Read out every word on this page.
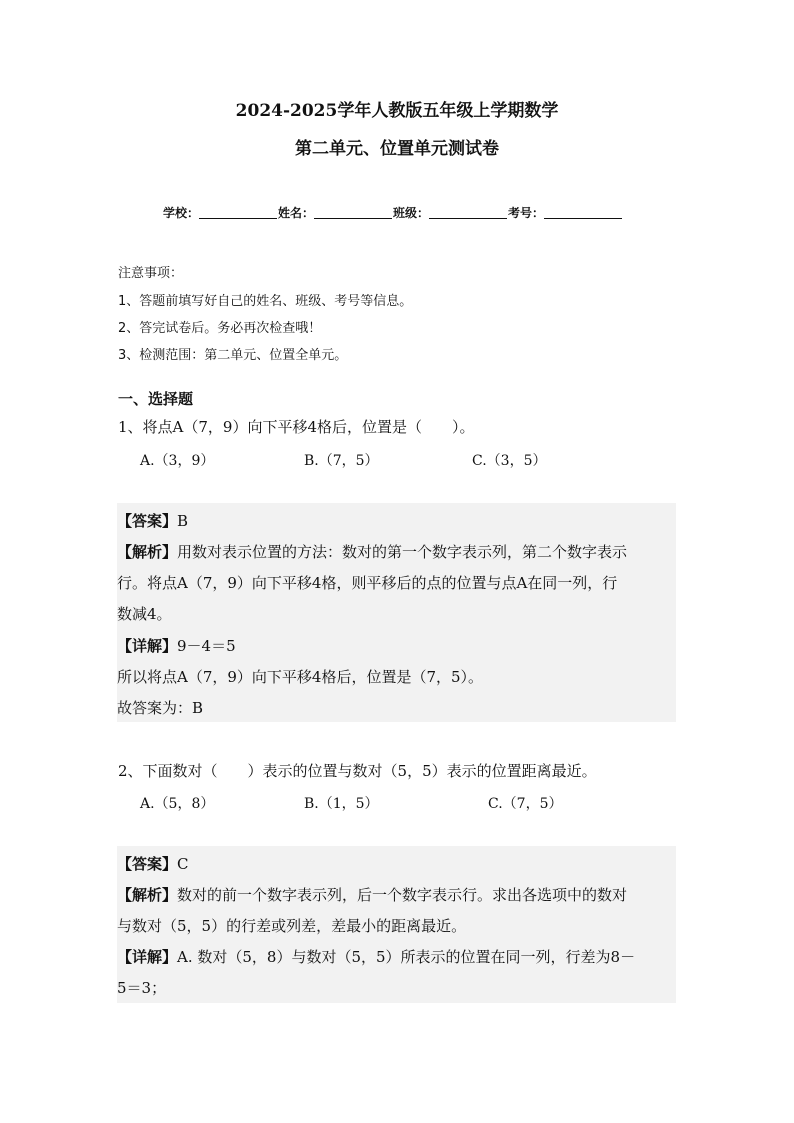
2024-2025学年人教版五年级上学期数学
第二单元、位置单元测试卷
学校：	姓名：	班级：	考号：
注意事项：
1、答题前填写好自己的姓名、班级、考号等信息。
2、答完试卷后。务必再次检查哦！
3、检测范围：第二单元、位置全单元。
一、选择题
1、将点A（7，9）向下平移4格后，位置是（　　）。
A.（3，9）	B.（7，5）	C.（3，5）
【答案】B
【解析】用数对表示位置的方法：数对的第一个数字表示列，第二个数字表示
行。将点A（7，9）向下平移4格，则平移后的点的位置与点A在同一列，行
数减4。
【详解】9－4＝5
所以将点A（7，9）向下平移4格后，位置是（7，5）。
故答案为：B
2、下面数对（　　）表示的位置与数对（5，5）表示的位置距离最近。
A.（5，8）	B.（1，5）	C.（7，5）
【答案】C
【解析】数对的前一个数字表示列，后一个数字表示行。求出各选项中的数对
与数对（5，5）的行差或列差，差最小的距离最近。
【详解】A. 数对（5，8）与数对（5，5）所表示的位置在同一列，行差为8－
5＝3；
